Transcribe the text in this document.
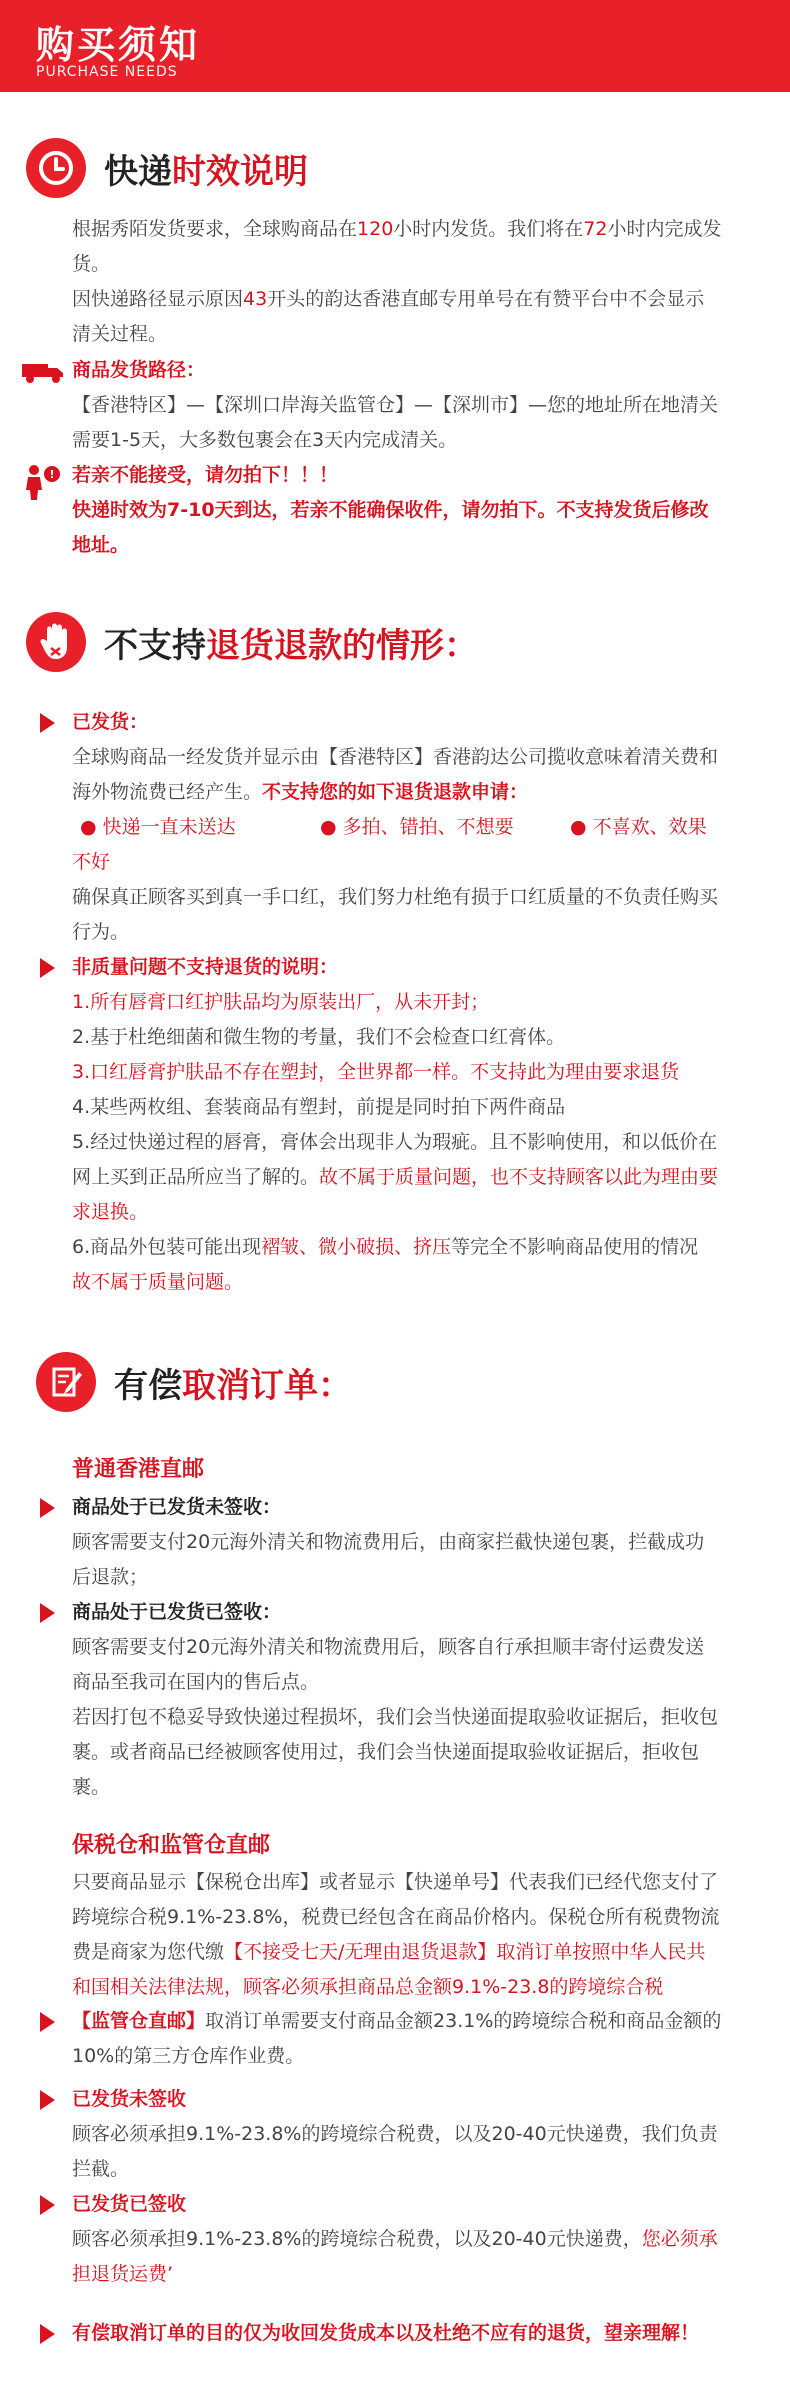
购买须知
PURCHASE NEEDS
快递时效说明

根据秀陌发货要求，全球购商品在120小时内发货。我们将在72小时内完成发货。

因快递路径显示原因43开头的韵达香港直邮专用单号在有赞平台中不会显示清关过程。

商品发货路径：
【香港特区】—【深圳口岸海关监管仓】—【深圳市】—您的地址所在地清关需要1-5天，大多数包裹会在3天内完成清关。
! 若亲不能接受，请勿拍下！！！
快递时效为7-10天到达，若亲不能确保收件，请勿拍下。不支持发货后修改地址。
不支持退货退款的情形：
已发货：
全球购商品一经发货并显示由【香港特区】香港韵达公司揽收意味着清关费和海外物流费已经产生。不支持您的如下退货退款申请：
● 快递一直未送达	● 多拍、错拍、不想要	● 不喜欢、效果不好
确保真正顾客买到真一手口红，我们努力杜绝有损于口红质量的不负责任购买行为。
非质量问题不支持退货的说明：

1.所有唇膏口红护肤品均为原装出厂，从未开封；

2.基于杜绝细菌和微生物的考量，我们不会检查口红膏体。

3.口红唇膏护肤品不存在塑封，全世界都一样。不支持此为理由要求退货

4.某些两枚组、套装商品有塑封，前提是同时拍下两件商品

5.经过快递过程的唇膏，膏体会出现非人为瑕疵。且不影响使用，和以低价在网上买到正品所应当了解的。故不属于质量问题，也不支持顾客以此为理由要求退换。

6.商品外包装可能出现褶皱、微小破损、挤压等完全不影响商品使用的情况

故不属于质量问题。

有偿取消订单：
普通香港直邮
商品处于已发货未签收：
顾客需要支付20元海外清关和物流费用后，由商家拦截快递包裹，拦截成功后退款；
商品处于已发货已签收：

顾客需要支付20元海外清关和物流费用后，顾客自行承担顺丰寄付运费发送商品至我司在国内的售后点。

若因打包不稳妥导致快递过程损坏，我们会当快递面提取验收证据后，拒收包裹。或者商品已经被顾客使用过，我们会当快递面提取验收证据后，拒收包裹。

保税仓和监管仓直邮
只要商品显示【保税仓出库】或者显示【快递单号】代表我们已经代您支付了跨境综合税9.1%-23.8%，税费已经包含在商品价格内。保税仓所有税费物流费是商家为您代缴【不接受七天/无理由退货退款】取消订单按照中华人民共和国相关法律法规，顾客必须承担商品总金额9.1%-23.8的跨境综合税
【监管仓直邮】取消订单需要支付商品金额23.1%的跨境综合税和商品金额的10%的第三方仓库作业费。
已发货未签收
顾客必须承担9.1%-23.8%的跨境综合税费，以及20-40元快递费，我们负责拦截。
已发货已签收
顾客必须承担9.1%-23.8%的跨境综合税费，以及20-40元快递费，您必须承担退货运费’
有偿取消订单的目的仅为收回发货成本以及杜绝不应有的退货，望亲理解！
